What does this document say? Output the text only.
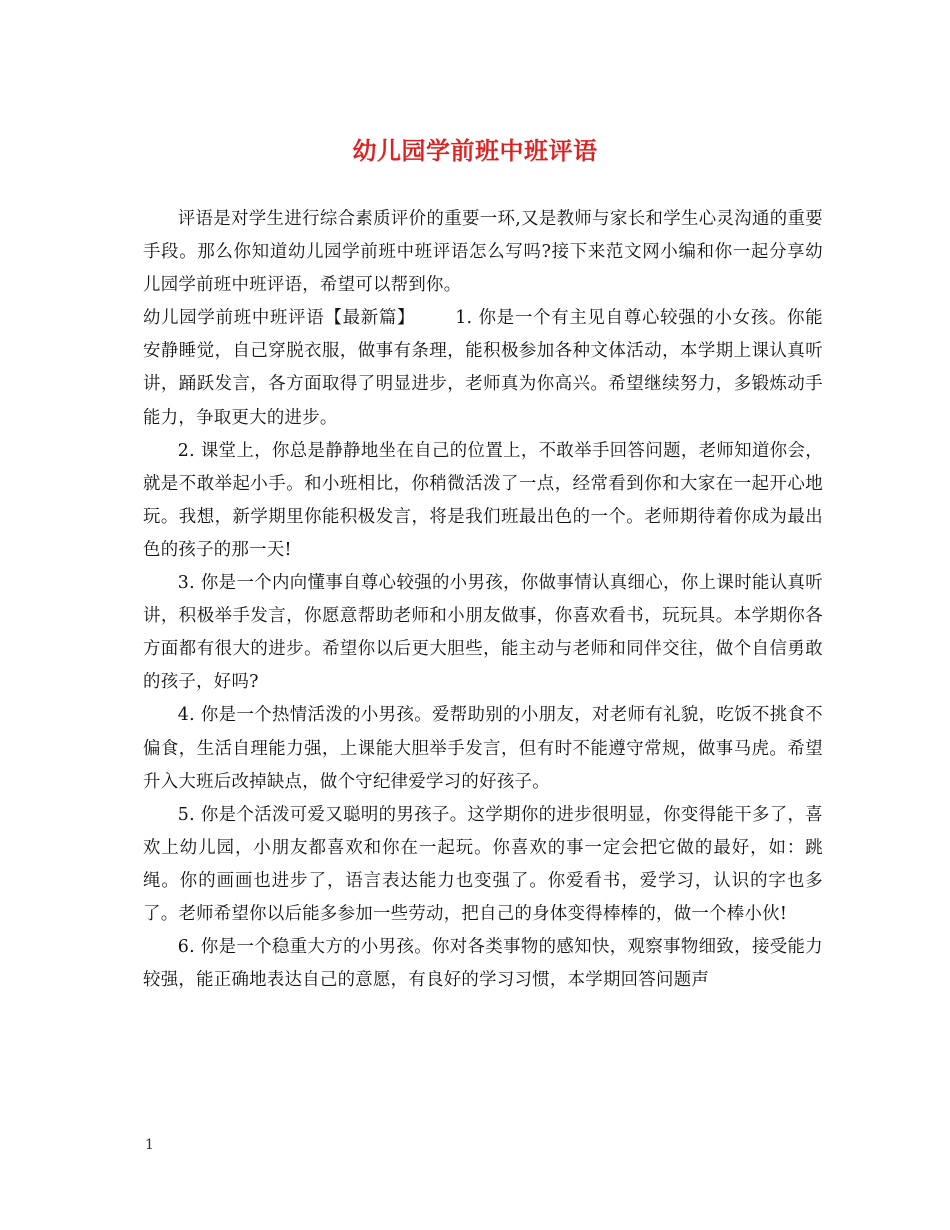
幼儿园学前班中班评语

评语是对学生进行综合素质评价的重要一环,又是教师与家长和学生心灵沟通的重要手段。那么你知道幼儿园学前班中班评语怎么写吗?接下来范文网小编和你一起分享幼儿园学前班中班评语，希望可以帮到你。

幼儿园学前班中班评语【最新篇】 1. 你是一个有主见自尊心较强的小女孩。你能安静睡觉，自己穿脱衣服，做事有条理，能积极参加各种文体活动，本学期上课认真听讲，踊跃发言，各方面取得了明显进步，老师真为你高兴。希望继续努力，多锻炼动手能力，争取更大的进步。

2. 课堂上，你总是静静地坐在自己的位置上，不敢举手回答问题，老师知道你会，就是不敢举起小手。和小班相比，你稍微活泼了一点，经常看到你和大家在一起开心地玩。我想，新学期里你能积极发言，将是我们班最出色的一个。老师期待着你成为最出色的孩子的那一天!

3. 你是一个内向懂事自尊心较强的小男孩，你做事情认真细心，你上课时能认真听讲，积极举手发言，你愿意帮助老师和小朋友做事，你喜欢看书，玩玩具。本学期你各方面都有很大的进步。希望你以后更大胆些，能主动与老师和同伴交往，做个自信勇敢的孩子，好吗?

4. 你是一个热情活泼的小男孩。爱帮助别的小朋友，对老师有礼貌，吃饭不挑食不偏食，生活自理能力强，上课能大胆举手发言，但有时不能遵守常规，做事马虎。希望升入大班后改掉缺点，做个守纪律爱学习的好孩子。

5. 你是个活泼可爱又聪明的男孩子。这学期你的进步很明显，你变得能干多了，喜欢上幼儿园，小朋友都喜欢和你在一起玩。你喜欢的事一定会把它做的最好，如：跳绳。你的画画也进步了，语言表达能力也变强了。你爱看书，爱学习，认识的字也多了。老师希望你以后能多参加一些劳动，把自己的身体变得棒棒的，做一个棒小伙!

6. 你是一个稳重大方的小男孩。你对各类事物的感知快，观察事物细致，接受能力较强，能正确地表达自己的意愿，有良好的学习习惯，本学期回答问题声

1
